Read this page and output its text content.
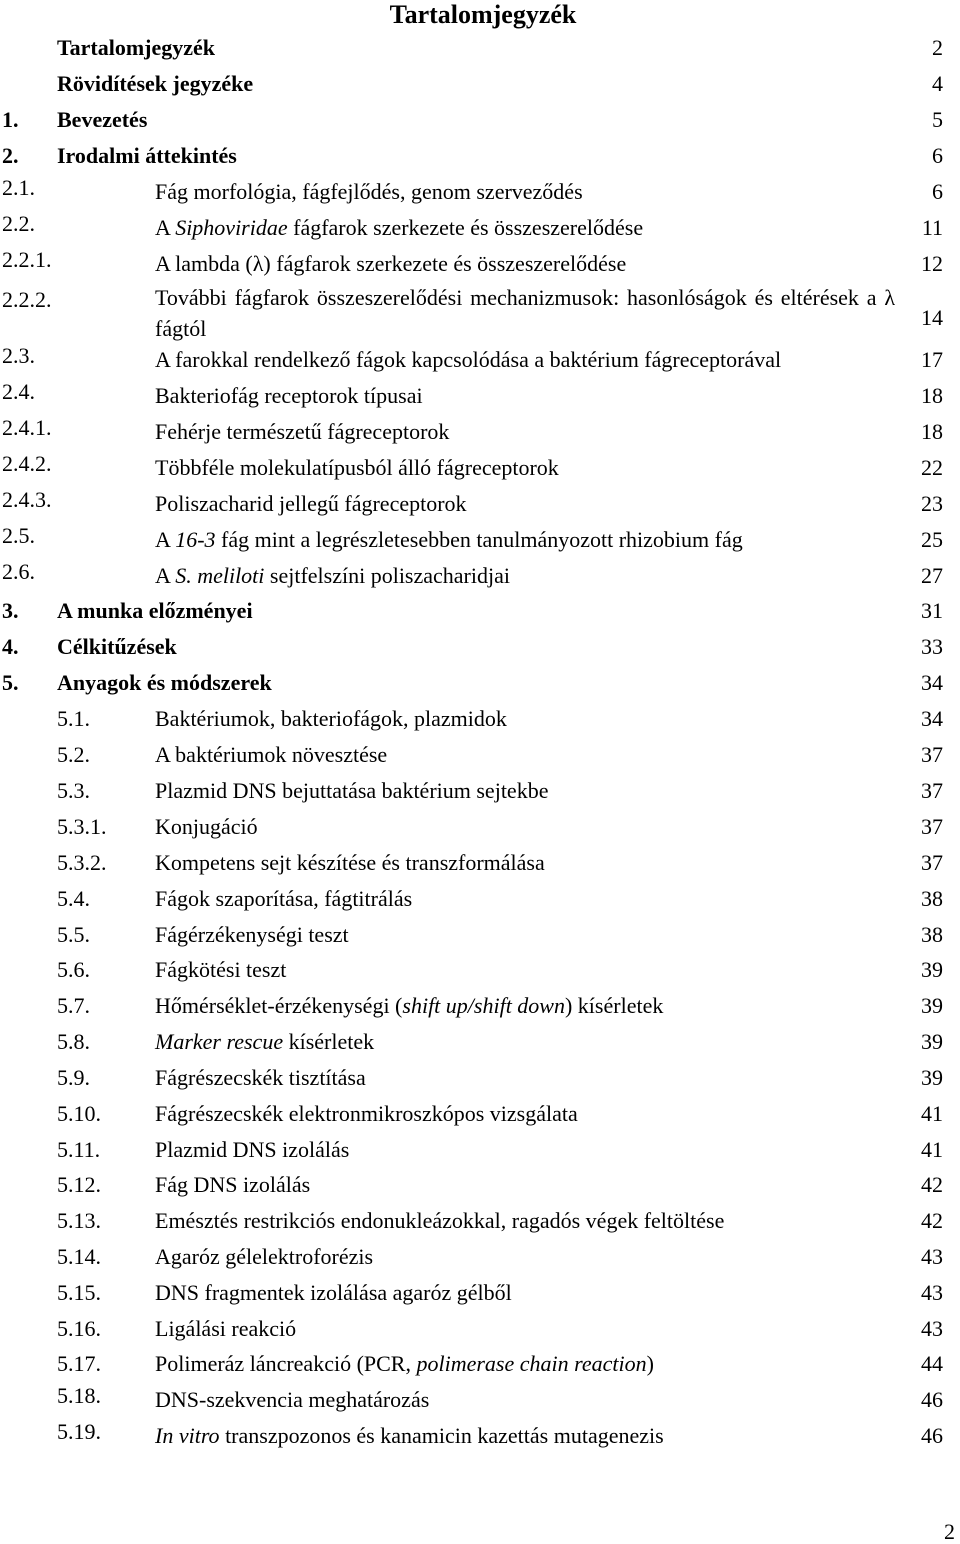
Tartalomjegyzék
Tartalomjegyzék	2
Rövidítések jegyzéke	4
1. Bevezetés	5
2. Irodalmi áttekintés	6
2.1.	Fág morfológia, fágfejlődés, genom szerveződés	6
2.2.	A Siphoviridae fágfarok szerkezete és összeszerelődése	11
2.2.1.	A lambda (λ) fágfarok szerkezete és összeszerelődése	12
2.2.2.	További fágfarok összeszerelődési mechanizmusok: hasonlóságok és eltérések a λ fágtól	14
2.3.	A farokkal rendelkező fágok kapcsolódása a baktérium fágreceptorával	17
2.4.	Bakteriofág receptorok típusai	18
2.4.1.	Fehérje természetű fágreceptorok	18
2.4.2.	Többféle molekulatípusból álló fágreceptorok	22
2.4.3.	Poliszacharid jellegű fágreceptorok	23
2.5.	A 16-3 fág mint a legrészletesebben tanulmányozott rhizobium fág	25
2.6.	A S. meliloti sejtfelszíni poliszacharidjai	27
3. A munka előzményei	31
4. Célkitűzések	33
5. Anyagok és módszerek	34
5.1.	Baktériumok, bakteriofágok, plazmidok	34
5.2.	A baktériumok növesztése	37
5.3.	Plazmid DNS bejuttatása baktérium sejtekbe	37
5.3.1. Konjugáció	37
5.3.2. Kompetens sejt készítése és transzformálása	37
5.4.	Fágok szaporítása, fágtitrálás	38
5.5.	Fágérzékenységi teszt	38
5.6.	Fágkötési teszt	39
5.7.	Hőmérséklet-érzékenységi (shift up/shift down) kísérletek	39
5.8.	Marker rescue kísérletek	39
5.9.	Fágrészecskék tisztítása	39
5.10. Fágrészecskék elektronmikroszkópos vizsgálata	41
5.11. Plazmid DNS izolálás	41
5.12. Fág DNS izolálás	42
5.13. Emésztés restrikciós endonukleázokkal, ragadós végek feltöltése	42
5.14. Agaróz gélelektroforézis	43
5.15. DNS fragmentek izolálása agaróz gélből	43
5.16. Ligálási reakció	43
5.17. Polimeráz láncreakció (PCR, polimerase chain reaction)	44
5.18. DNS-szekvencia meghatározás	46
5.19. In vitro transzpozonos és kanamicin kazettás mutagenezis	46
2
